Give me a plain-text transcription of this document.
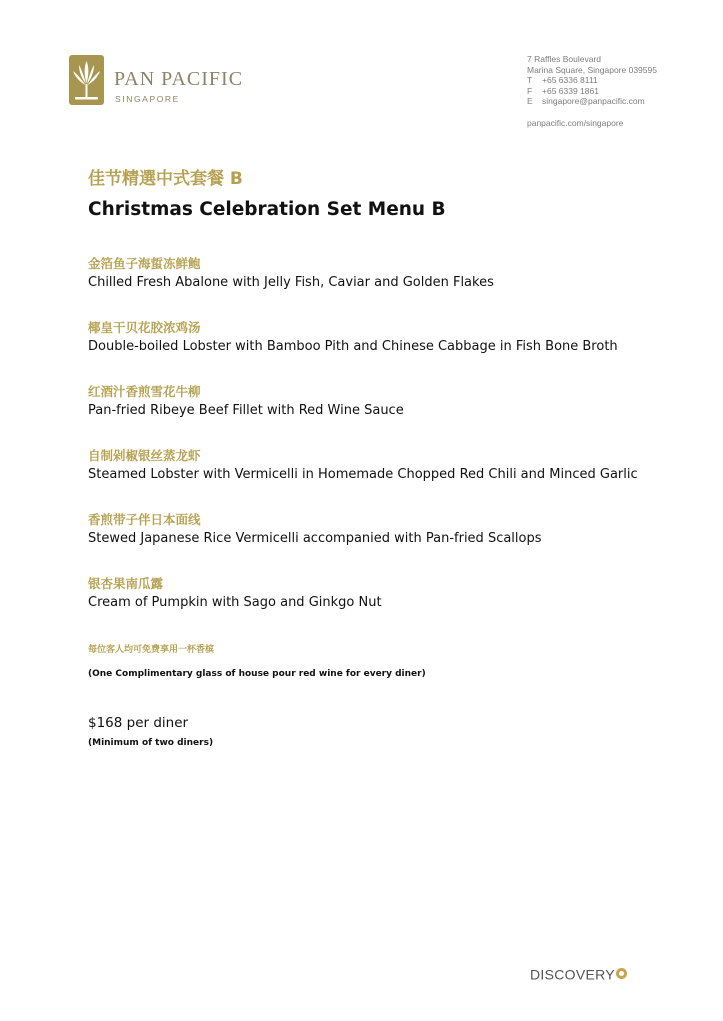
PAN PACIFIC
SINGAPORE
7 Raffles Boulevard
Marina Square, Singapore 039595
T +65 6336 8111
F +65 6339 1861
E singapore@panpacific.com
panpacific.com/singapore
佳节精選中式套餐 B
Christmas Celebration Set Menu B
金箔鱼子海蜇冻鲜鲍
Chilled Fresh Abalone with Jelly Fish, Caviar and Golden Flakes
椰皇干贝花胶浓鸡汤
Double-boiled Lobster with Bamboo Pith and Chinese Cabbage in Fish Bone Broth
红酒汁香煎雪花牛柳
Pan-fried Ribeye Beef Fillet with Red Wine Sauce
自制剁椒银丝蒸龙虾
Steamed Lobster with Vermicelli in Homemade Chopped Red Chili and Minced Garlic
香煎带子伴日本面线
Stewed Japanese Rice Vermicelli accompanied with Pan-fried Scallops
银杏果南瓜露
Cream of Pumpkin with Sago and Ginkgo Nut
每位客人均可免费享用一杯香槟
(One Complimentary glass of house pour red wine for every diner)
$168 per diner
(Minimum of two diners)
DISCOVERY
